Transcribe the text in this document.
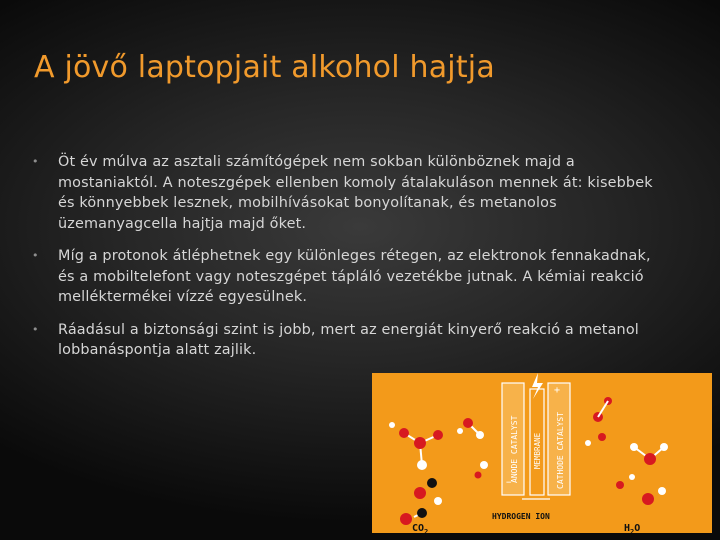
A jövő laptopjait alkohol hajtja
• Öt év múlva az asztali számítógépek nem sokban különböznek majd a mostaniaktól. A noteszgépek ellenben komoly átalakuláson mennek át: kisebbek és könnyebbek lesznek, mobilhívásokat bonyolítanak, és metanolos üzemanyagcella hajtja majd őket.
• Míg a protonok átléphetnek egy különleges rétegen, az elektronok fennakadnak, és a mobiltelefont vagy noteszgépet tápláló vezetékbe jutnak. A kémiai reakció melléktermékei vízzé egyesülnek.
• Ráadásul a biztonsági szint is jobb, mert az energiát kinyerő reakció a metanol lobbanáspontja alatt zajlik.
ANODE CATALYST MEMBRANE CATHODE CATALYST
−
+
$CO_2$
HYDROGEN ION
$H_2O$
